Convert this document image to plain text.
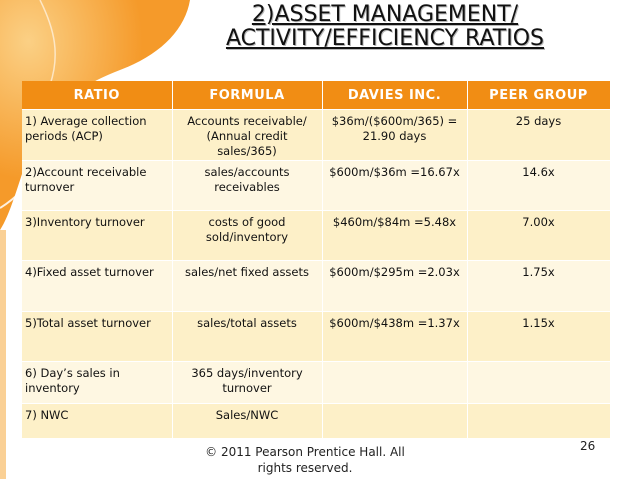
2)ASSET MANAGEMENT/
ACTIVITY/EFFICIENCY RATIOS
RATIO	FORMULA	DAVIES INC.	PEER GROUP
1) Average collection periods (ACP)	Accounts receivable/ (Annual credit sales/365)	$36m/($600m/365) = 21.90 days	25 days
2)Account receivable turnover	sales/accounts receivables	$600m/$36m =16.67x	14.6x
3)Inventory turnover	costs of good sold/inventory	$460m/$84m =5.48x	7.00x
4)Fixed asset turnover	sales/net fixed assets	$600m/$295m =2.03x	1.75x
5)Total asset turnover	sales/total assets	$600m/$438m =1.37x	1.15x
6) Day’s sales in inventory	365 days/inventory turnover		
7) NWC	Sales/NWC		
© 2011 Pearson Prentice Hall. All rights reserved.
26
